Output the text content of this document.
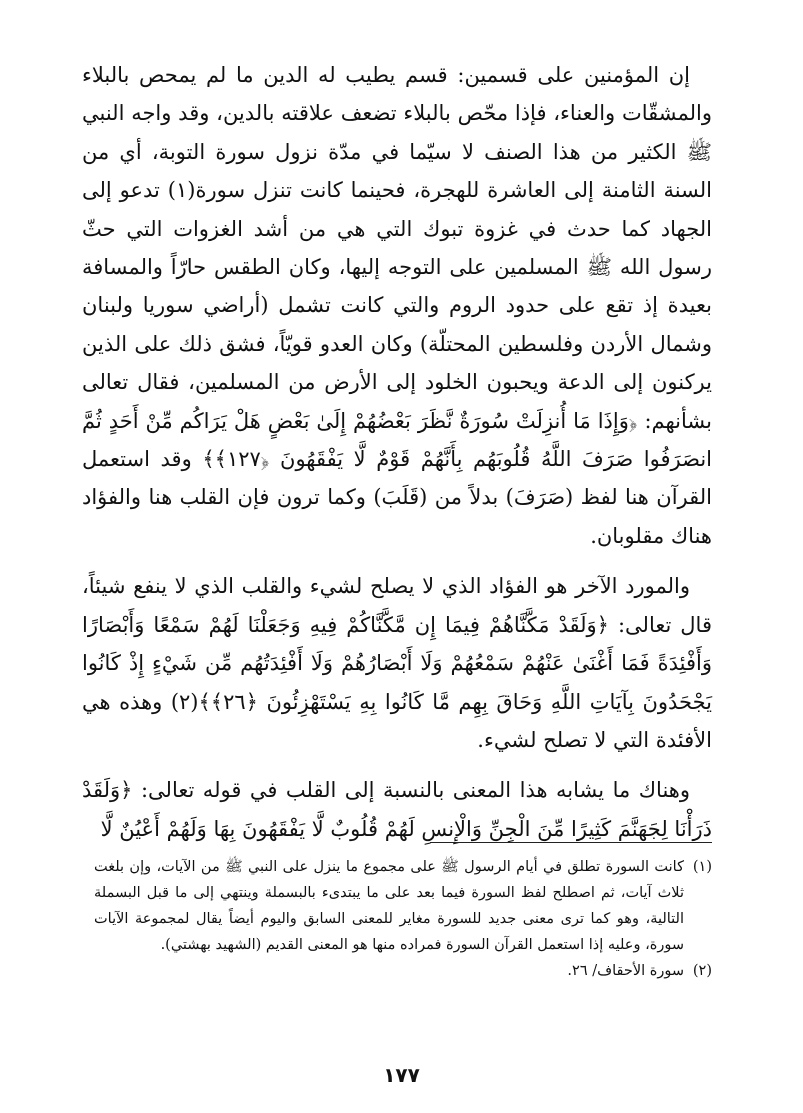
إن المؤمنين على قسمين: قسم يطيب له الدين ما لم يمحص بالبلاء والمشقّات والعناء، فإذا محّص بالبلاء تضعف علاقته بالدين، وقد واجه النبي ﷺ الكثير من هذا الصنف لا سيّما في مدّة نزول سورة التوبة، أي من السنة الثامنة إلى العاشرة للهجرة، فحينما كانت تنزل سورة(١) تدعو إلى الجهاد كما حدث في غزوة تبوك التي هي من أشد الغزوات التي حثّ رسول الله ﷺ المسلمين على التوجه إليها، وكان الطقس حارّاً والمسافة بعيدة إذ تقع على حدود الروم والتي كانت تشمل (أراضي سوريا ولبنان وشمال الأردن وفلسطين المحتلّة) وكان العدو قويّاً، فشق ذلك على الذين يركنون إلى الدعة ويحبون الخلود إلى الأرض من المسلمين، فقال تعالى بشأنهم: ﴿وَإِذَا مَا أُنزِلَتْ سُورَةٌ نَّظَرَ بَعْضُهُمْ إِلَىٰ بَعْضٍ هَلْ يَرَاكُم مِّنْ أَحَدٍ ثُمَّ انصَرَفُوا صَرَفَ اللَّهُ قُلُوبَهُم بِأَنَّهُمْ قَوْمٌ لَّا يَفْقَهُونَ ﴿١٢٧﴾﴾ وقد استعمل القرآن هنا لفظ (صَرَفَ) بدلاً من (قَلَبَ) وكما ترون فإن القلب هنا والفؤاد هناك مقلوبان.

والمورد الآخر هو الفؤاد الذي لا يصلح لشيء والقلب الذي لا ينفع شيئاً، قال تعالى: ﴿وَلَقَدْ مَكَّنَّاهُمْ فِيمَا إِن مَّكَّنَّاكُمْ فِيهِ وَجَعَلْنَا لَهُمْ سَمْعًا وَأَبْصَارًا وَأَفْئِدَةً فَمَا أَغْنَىٰ عَنْهُمْ سَمْعُهُمْ وَلَا أَبْصَارُهُمْ وَلَا أَفْئِدَتُهُم مِّن شَيْءٍ إِذْ كَانُوا يَجْحَدُونَ بِآيَاتِ اللَّهِ وَحَاقَ بِهِم مَّا كَانُوا بِهِ يَسْتَهْزِئُونَ ﴿٢٦﴾﴾(٢) وهذه هي الأفئدة التي لا تصلح لشيء.

وهناك ما يشابه هذا المعنى بالنسبة إلى القلب في قوله تعالى: ﴿وَلَقَدْ ذَرَأْنَا لِجَهَنَّمَ كَثِيرًا مِّنَ الْجِنِّ وَالْإِنسِ لَهُمْ قُلُوبٌ لَّا يَفْقَهُونَ بِهَا وَلَهُمْ أَعْيُنٌ لَّا

(١)
كانت السورة تطلق في أيام الرسول ﷺ على مجموع ما ينزل على النبي ﷺ من الآيات، وإن بلغت ثلاث آيات، ثم اصطلح لفظ السورة فيما بعد على ما يبتدىء بالبسملة وينتهي إلى ما قبل البسملة التالية، وهو كما ترى معنى جديد للسورة مغاير للمعنى السابق واليوم أيضاً يقال لمجموعة الآيات سورة، وعليه إذا استعمل القرآن السورة فمراده منها هو المعنى القديم (الشهيد بهشتي).

(٢)
سورة الأحقاف/ ٢٦.

١٧٧
